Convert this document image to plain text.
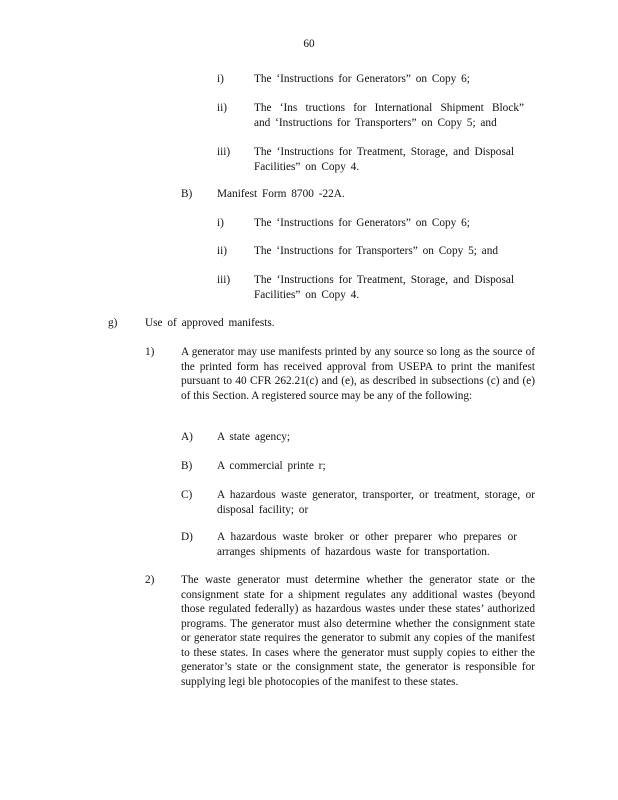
60
i)	The ‘Instructions for Generators” on Copy 6;
ii) The ‘Ins tructions for International Shipment Block” and ‘Instructions for Transporters” on Copy 5; and
iii) The ‘Instructions for Treatment, Storage, and Disposal Facilities” on Copy 4.
B) Manifest Form 8700 -22A.
i)	The ‘Instructions for Generators” on Copy 6;
ii) The ‘Instructions for Transporters” on Copy 5; and
iii) The ‘Instructions for Treatment, Storage, and Disposal Facilities” on Copy 4.
g) Use of approved manifests.
1) A generator may use manifests printed by any source so long as the source of the printed form has received approval from USEPA to print the manifest pursuant to 40 CFR 262.21(c) and (e), as described in subsections (c) and (e) of this Section. A registered source may be any of the following:
A) A state agency;
B) A commercial printe r;
C) A hazardous waste generator, transporter, or treatment, storage, or disposal facility; or
D) A hazardous waste broker or other preparer who prepares or arranges shipments of hazardous waste for transportation.
2) The waste generator must determine whether the generator state or the consignment state for a shipment regulates any additional wastes (beyond those regulated federally) as hazardous wastes under these states’ authorized programs. The generator must also determine whether the consignment state or generator state requires the generator to submit any copies of the manifest to these states. In cases where the generator must supply copies to either the generator’s state or the consignment state, the generator is responsible for supplying legi ble photocopies of the manifest to these states.
